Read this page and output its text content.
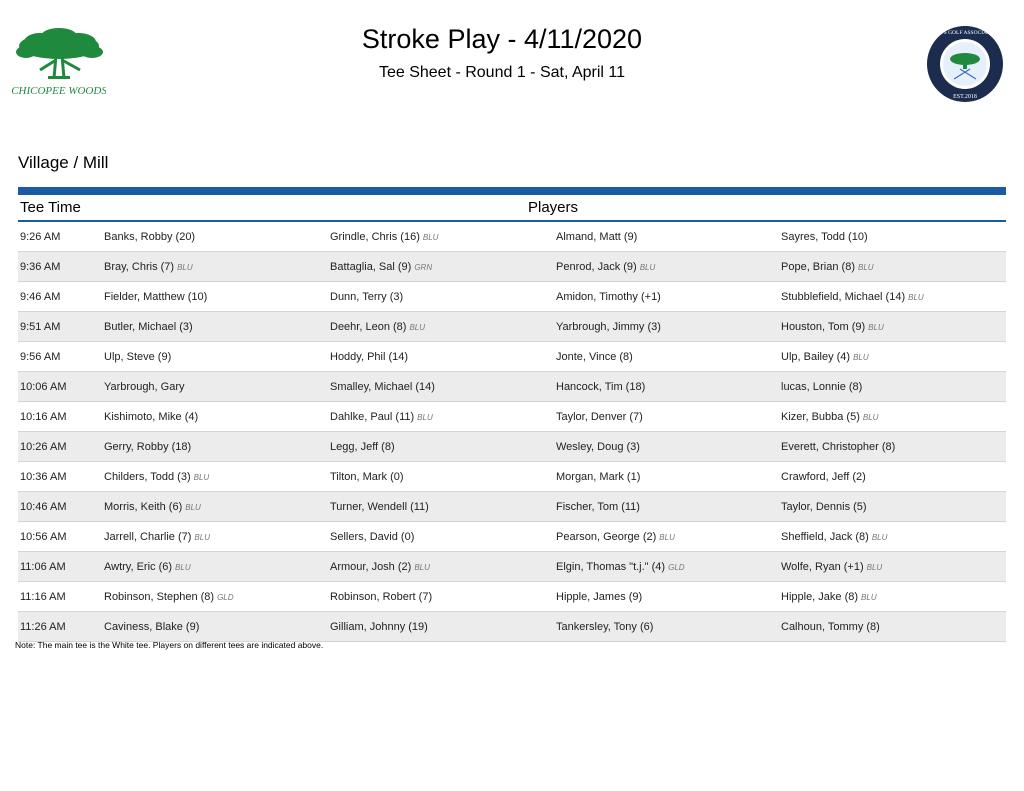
CHICOPEE WOODS
MEN'S GOLF ASSOCIATION
EST.2018
Stroke Play - 4/11/2020
Tee Sheet - Round 1 - Sat, April 11
Village / Mill
Tee Time	Players
9:26 AM	Banks, Robby (20)	Grindle, Chris (16) BLU	Almand, Matt (9)	Sayres, Todd (10)
9:36 AM	Bray, Chris (7) BLU	Battaglia, Sal (9) GRN	Penrod, Jack (9) BLU	Pope, Brian (8) BLU
9:46 AM	Fielder, Matthew (10)	Dunn, Terry (3)	Amidon, Timothy (+1)	Stubblefield, Michael (14) BLU
9:51 AM	Butler, Michael (3)	Deehr, Leon (8) BLU	Yarbrough, Jimmy (3)	Houston, Tom (9) BLU
9:56 AM	Ulp, Steve (9)	Hoddy, Phil (14)	Jonte, Vince (8)	Ulp, Bailey (4) BLU
10:06 AM	Yarbrough, Gary	Smalley, Michael (14)	Hancock, Tim (18)	lucas, Lonnie (8)
10:16 AM	Kishimoto, Mike (4)	Dahlke, Paul (11) BLU	Taylor, Denver (7)	Kizer, Bubba (5) BLU
10:26 AM	Gerry, Robby (18)	Legg, Jeff (8)	Wesley, Doug (3)	Everett, Christopher (8)
10:36 AM	Childers, Todd (3) BLU	Tilton, Mark (0)	Morgan, Mark (1)	Crawford, Jeff (2)
10:46 AM	Morris, Keith (6) BLU	Turner, Wendell (11)	Fischer, Tom (11)	Taylor, Dennis (5)
10:56 AM	Jarrell, Charlie (7) BLU	Sellers, David (0)	Pearson, George (2) BLU	Sheffield, Jack (8) BLU
11:06 AM	Awtry, Eric (6) BLU	Armour, Josh (2) BLU	Elgin, Thomas "t.j." (4) GLD	Wolfe, Ryan (+1) BLU
11:16 AM	Robinson, Stephen (8) GLD	Robinson, Robert (7)	Hipple, James (9)	Hipple, Jake (8) BLU
11:26 AM	Caviness, Blake (9)	Gilliam, Johnny (19)	Tankersley, Tony (6)	Calhoun, Tommy (8)
Note: The main tee is the White tee. Players on different tees are indicated above.
